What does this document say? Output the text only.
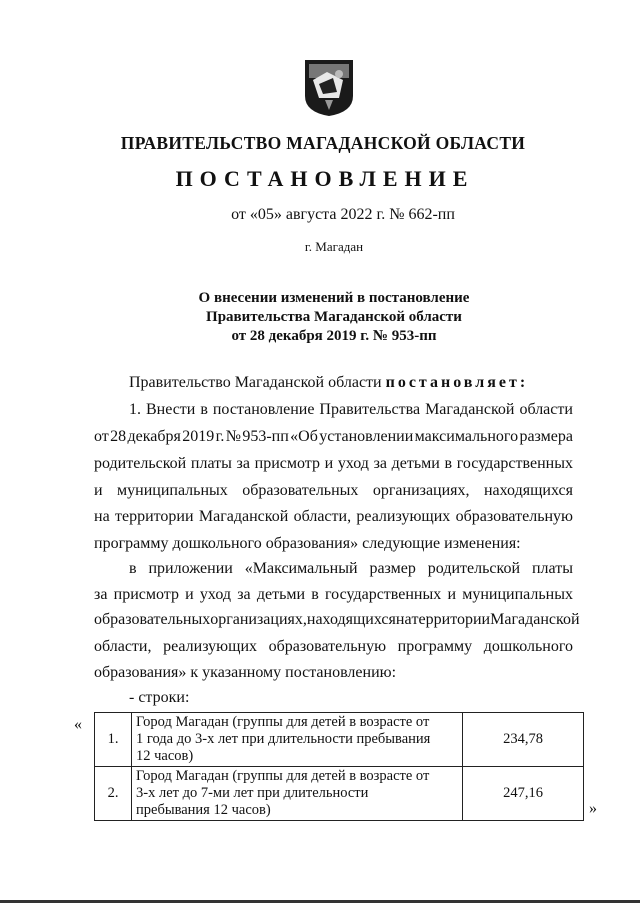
ПРАВИТЕЛЬСТВО МАГАДАНСКОЙ ОБЛАСТИ
ПОСТАНОВЛЕНИЕ
от «05» августа 2022 г. № 662-пп
г. Магадан
О внесении изменений в постановление
Правительства Магаданской области
от 28 декабря 2019 г. № 953-пп
Правительство Магаданской области постановляет:
1. Внести в постановление Правительства Магаданской области
от 28 декабря 2019 г. № 953-пп «Об установлении максимального размера
родительской платы за присмотр и уход за детьми в государственных
и муниципальных образовательных организациях, находящихся
на территории Магаданской области, реализующих образовательную
программу дошкольного образования» следующие изменения:
в приложении «Максимальный размер родительской платы
за присмотр и уход за детьми в государственных и муниципальных
образовательных организациях, находящихся на территории Магаданской
области, реализующих образовательную программу дошкольного
образования» к указанному постановлению:
- строки:
«
»
1.	Город Магадан (группы для детей в возрасте от
1 года до 3-х лет при длительности пребывания
12 часов)	234,78
2.	Город Магадан (группы для детей в возрасте от
3-х лет до 7-ми лет при длительности
пребывания 12 часов)	247,16
